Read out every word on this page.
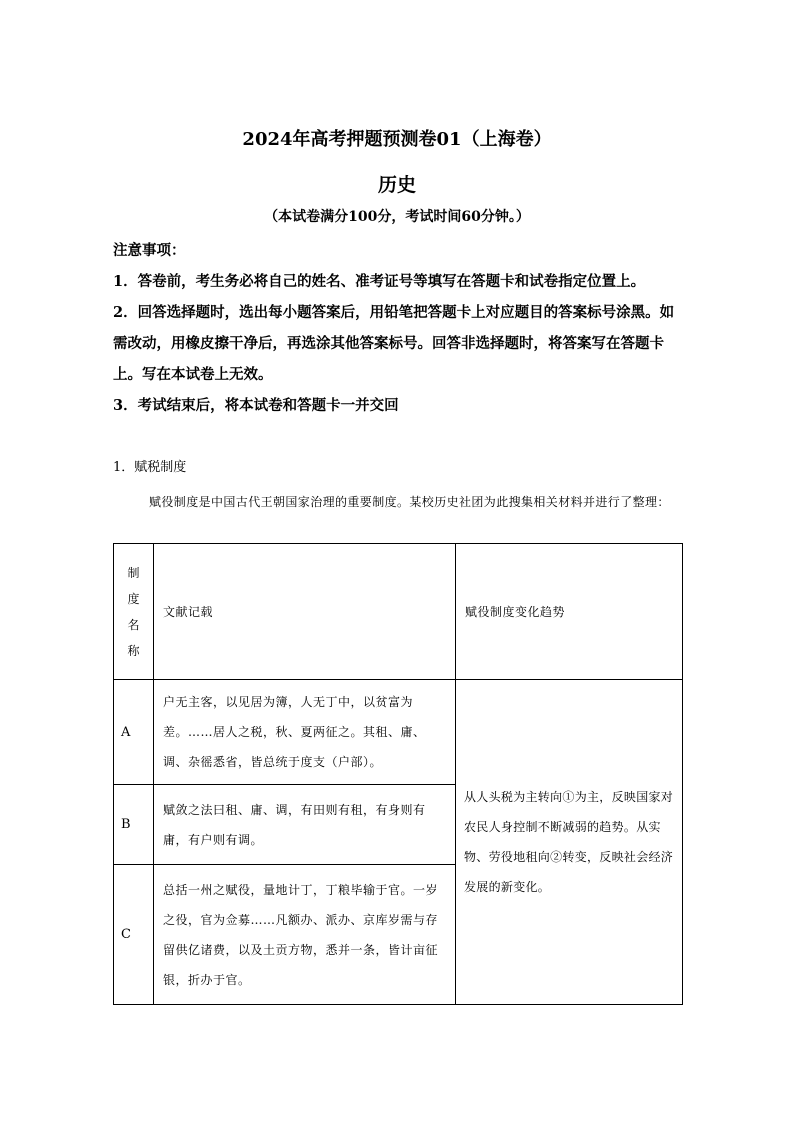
2024年高考押题预测卷01（上海卷）
历史
（本试卷满分100分，考试时间60分钟。）

注意事项：

1．答卷前，考生务必将自己的姓名、准考证号等填写在答题卡和试卷指定位置上。

2．回答选择题时，选出每小题答案后，用铅笔把答题卡上对应题目的答案标号涂黑。如需改动，用橡皮擦干净后，再选涂其他答案标号。回答非选择题时，将答案写在答题卡上。写在本试卷上无效。

3．考试结束后，将本试卷和答题卡一并交回

1．赋税制度
赋役制度是中国古代王朝国家治理的重要制度。某校历史社团为此搜集相关材料并进行了整理：
制度名称	文献记载	赋役制度变化趋势

A	户无主客，以见居为簿，人无丁中，以贫富为差。……居人之税，秋、夏两征之。其租、庸、调、杂徭悉省，皆总统于度支（户部）。	从人头税为主转向①为主，反映国家对农民人身控制不断减弱的趋势。从实物、劳役地租向②转变，反映社会经济发展的新变化。
B	赋敛之法曰租、庸、调，有田则有租，有身则有庸，有户则有调。	

C	总括一州之赋役，量地计丁，丁粮毕输于官。一岁之役，官为佥募……凡额办、派办、京库岁需与存留供亿诸费，以及土贡方物，悉并一条，皆计亩征银，折办于官。	
